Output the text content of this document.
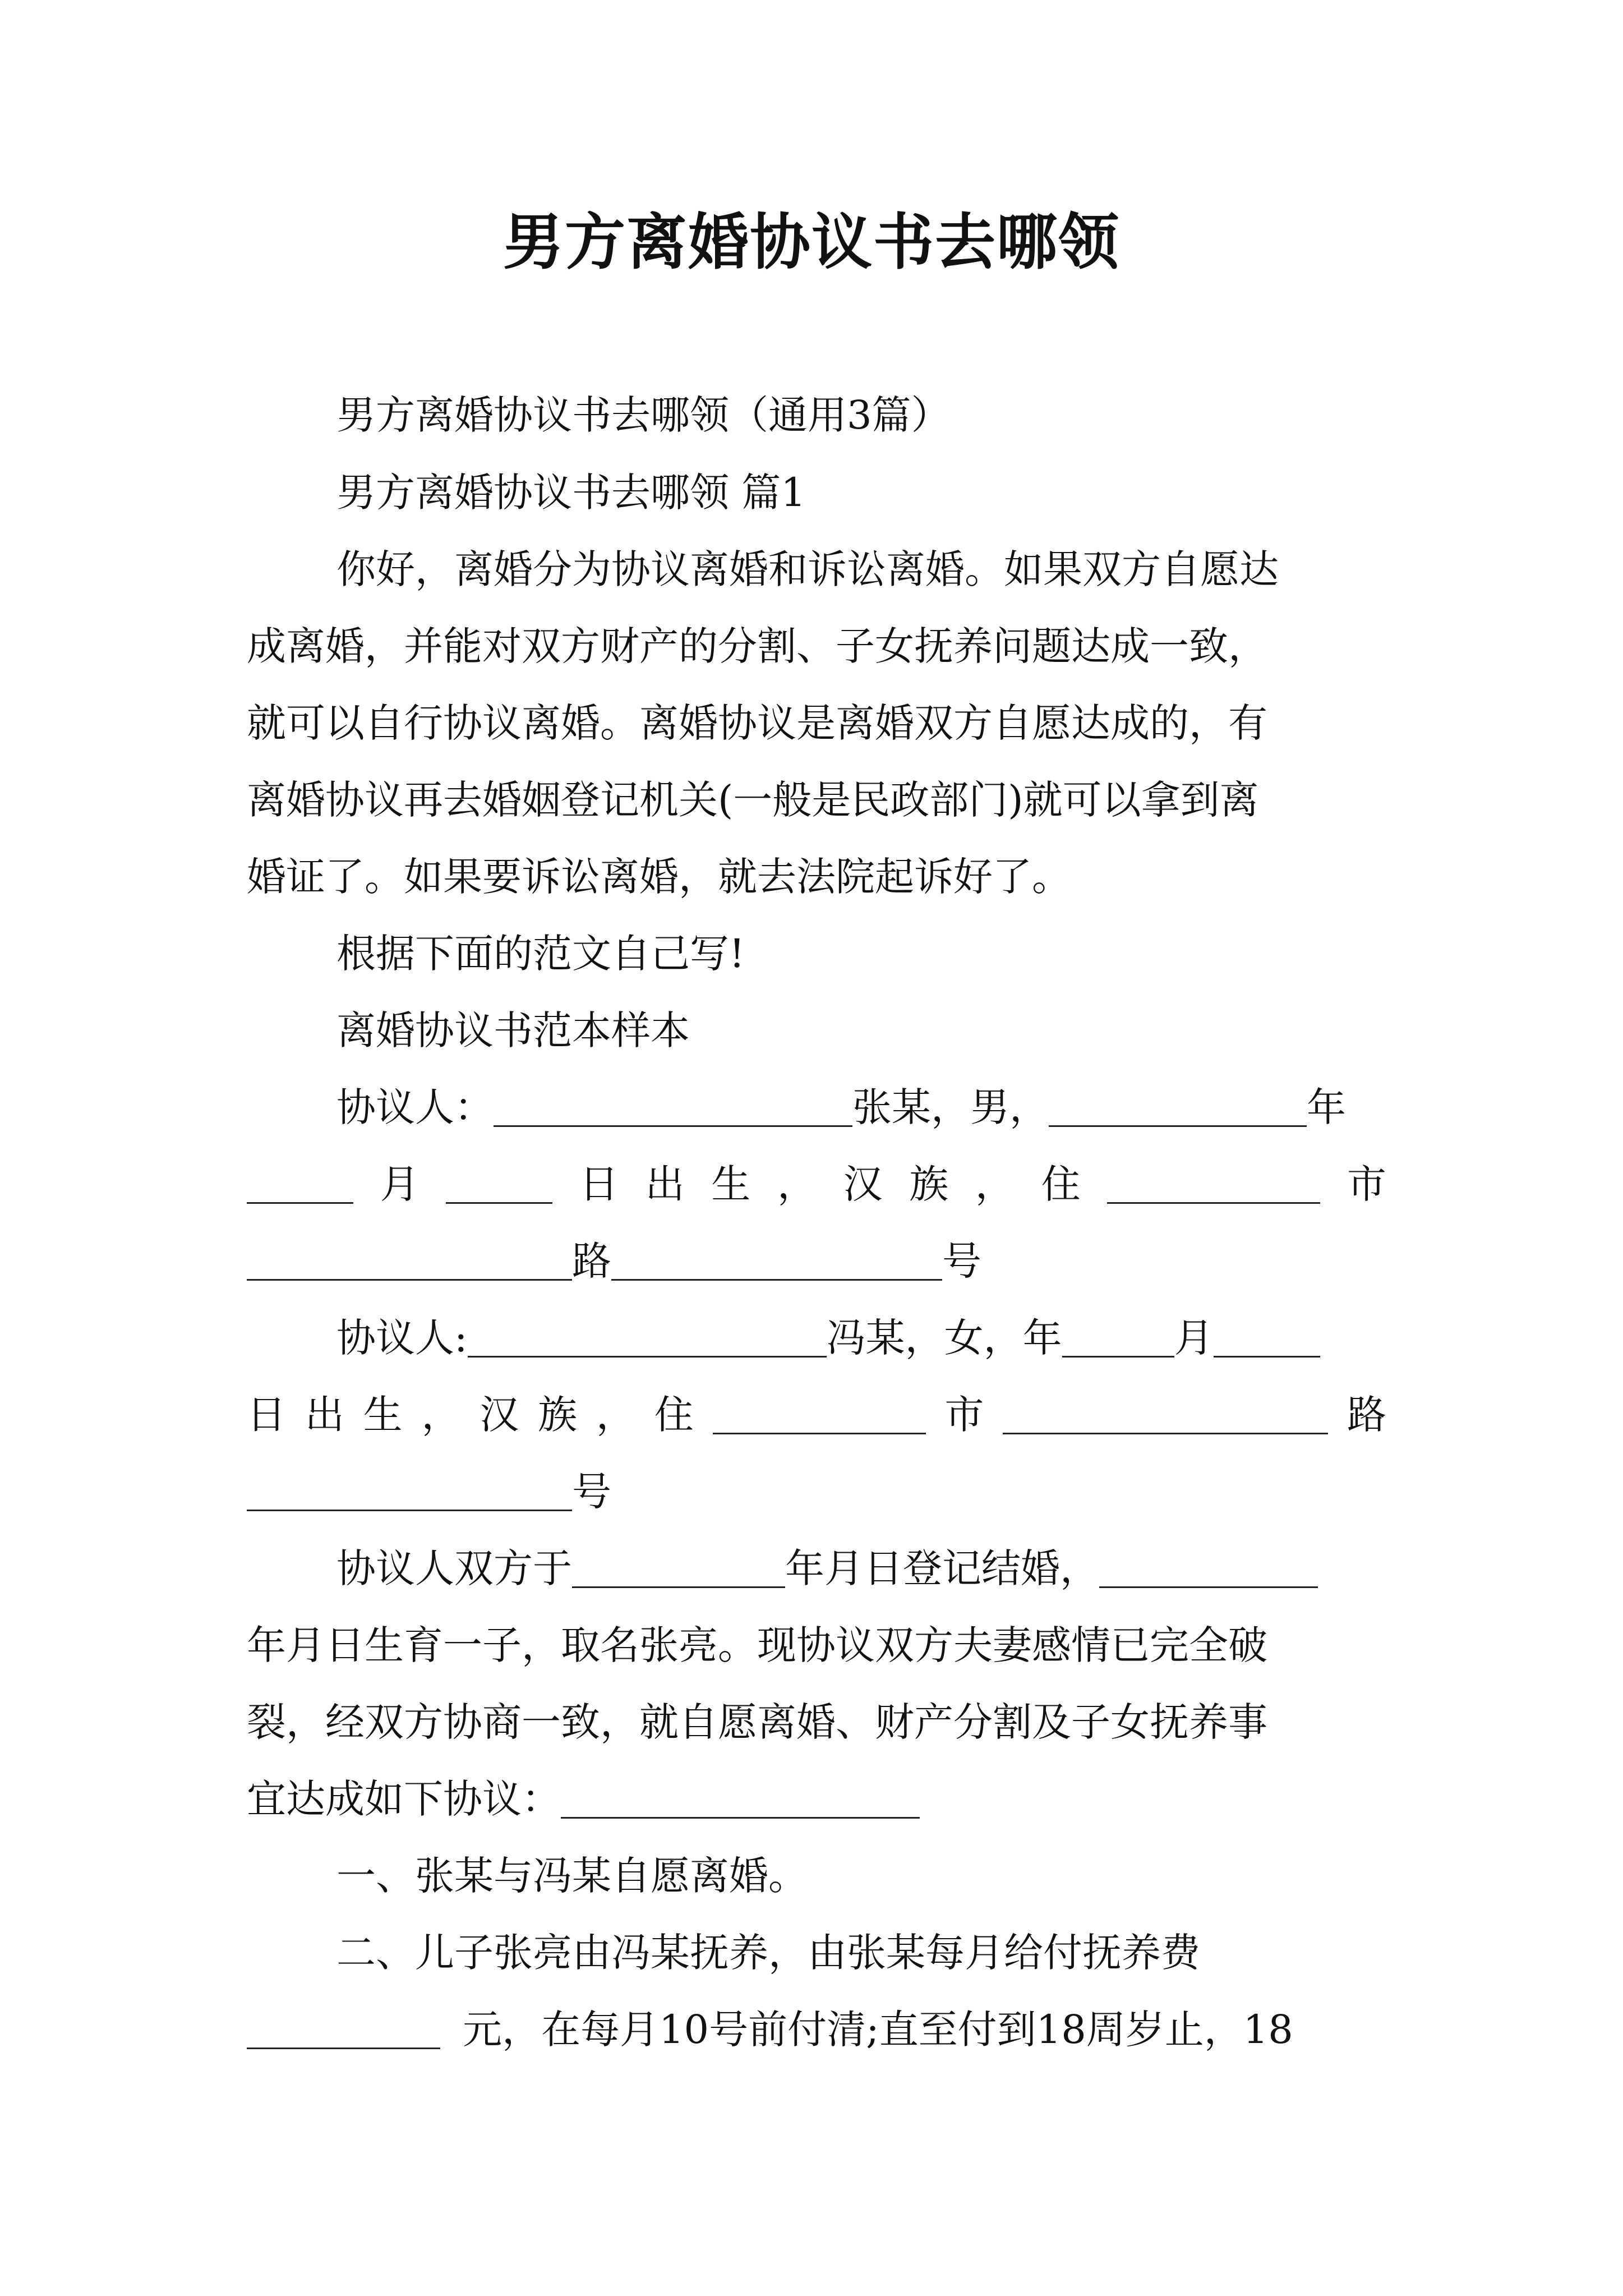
男方离婚协议书去哪领
男方离婚协议书去哪领（通用3篇）
男方离婚协议书去哪领 篇1
你好，离婚分为协议离婚和诉讼离婚。如果双方自愿达
成离婚，并能对双方财产的分割、子女抚养问题达成一致，
就可以自行协议离婚。离婚协议是离婚双方自愿达成的，有
离婚协议再去婚姻登记机关(一般是民政部门)就可以拿到离
婚证了。如果要诉讼离婚，就去法院起诉好了。
根据下面的范文自己写!
离婚协议书范本样本
协议人：	张某，男，	年
月	日 出 生 ， 汉 族 ， 住	市
路	号
协议人:	冯某，女，年	月
日 出 生 ， 汉 族 ， 住	市	路
号
协议人双方于	年月日登记结婚，
年月日生育一子，取名张亮。现协议双方夫妻感情已完全破
裂，经双方协商一致，就自愿离婚、财产分割及子女抚养事
宜达成如下协议：
一、张某与冯某自愿离婚。
二、儿子张亮由冯某抚养，由张某每月给付抚养费
元，在每月10号前付清;直至付到18周岁止，18
